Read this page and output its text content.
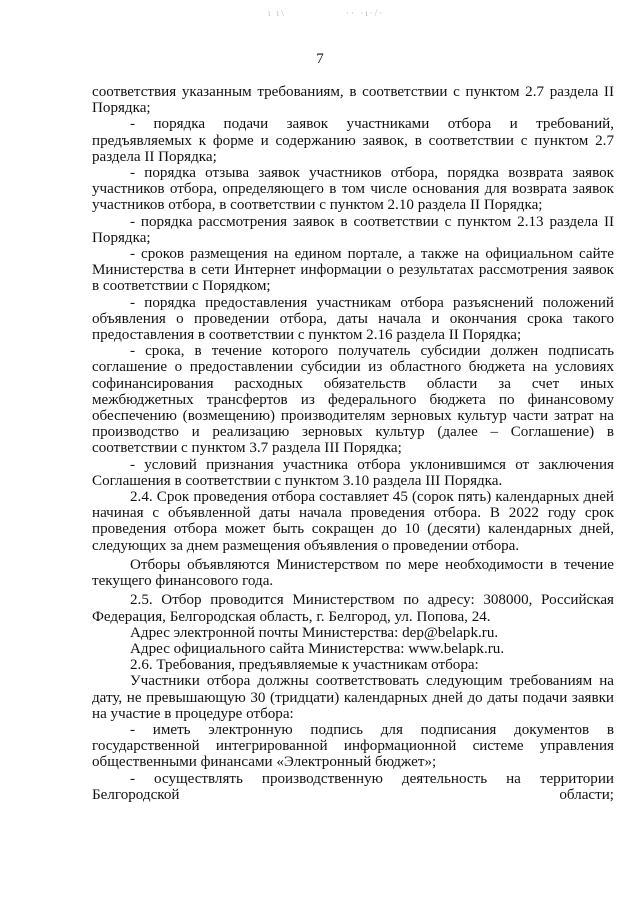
ι ι\	·· ·ι·/·
7

соответствия указанным требованиям, в соответствии с пунктом 2.7 раздела II Порядка;

- порядка подачи заявок участниками отбора и требований, предъявляемых к форме и содержанию заявок, в соответствии с пунктом 2.7 раздела II Порядка;

- порядка отзыва заявок участников отбора, порядка возврата заявок участников отбора, определяющего в том числе основания для возврата заявок участников отбора, в соответствии с пунктом 2.10 раздела II Порядка;

- порядка рассмотрения заявок в соответствии с пунктом 2.13 раздела II Порядка;

- сроков размещения на едином портале, а также на официальном сайте Министерства в сети Интернет информации о результатах рассмотрения заявок в соответствии с Порядком;

- порядка предоставления участникам отбора разъяснений положений объявления о проведении отбора, даты начала и окончания срока такого предоставления в соответствии с пунктом 2.16 раздела II Порядка;

- срока, в течение которого получатель субсидии должен подписать соглашение о предоставлении субсидии из областного бюджета на условиях софинансирования расходных обязательств области за счет иных межбюджетных трансфертов из федерального бюджета по финансовому обеспечению (возмещению) производителям зерновых культур части затрат на производство и реализацию зерновых культур (далее – Соглашение) в соответствии с пунктом 3.7 раздела III Порядка;

- условий признания участника отбора уклонившимся от заключения Соглашения в соответствии с пунктом 3.10 раздела III Порядка.

2.4. Срок проведения отбора составляет 45 (сорок пять) календарных дней начиная с объявленной даты начала проведения отбора. В 2022 году срок проведения отбора может быть сокращен до 10 (десяти) календарных дней, следующих за днем размещения объявления о проведении отбора.

Отборы объявляются Министерством по мере необходимости в течение текущего финансового года.

2.5. Отбор проводится Министерством по адресу: 308000, Российская Федерация, Белгородская область, г. Белгород, ул. Попова, 24.

Адрес электронной почты Министерства: dep@belapk.ru.

Адрес официального сайта Министерства: www.belapk.ru.

2.6. Требования, предъявляемые к участникам отбора:

Участники отбора должны соответствовать следующим требованиям на дату, не превышающую 30 (тридцати) календарных дней до даты подачи заявки на участие в процедуре отбора:

- иметь электронную подпись для подписания документов в государственной интегрированной информационной системе управления общественными финансами «Электронный бюджет»;

- осуществлять производственную деятельность на территории Белгородской области;
